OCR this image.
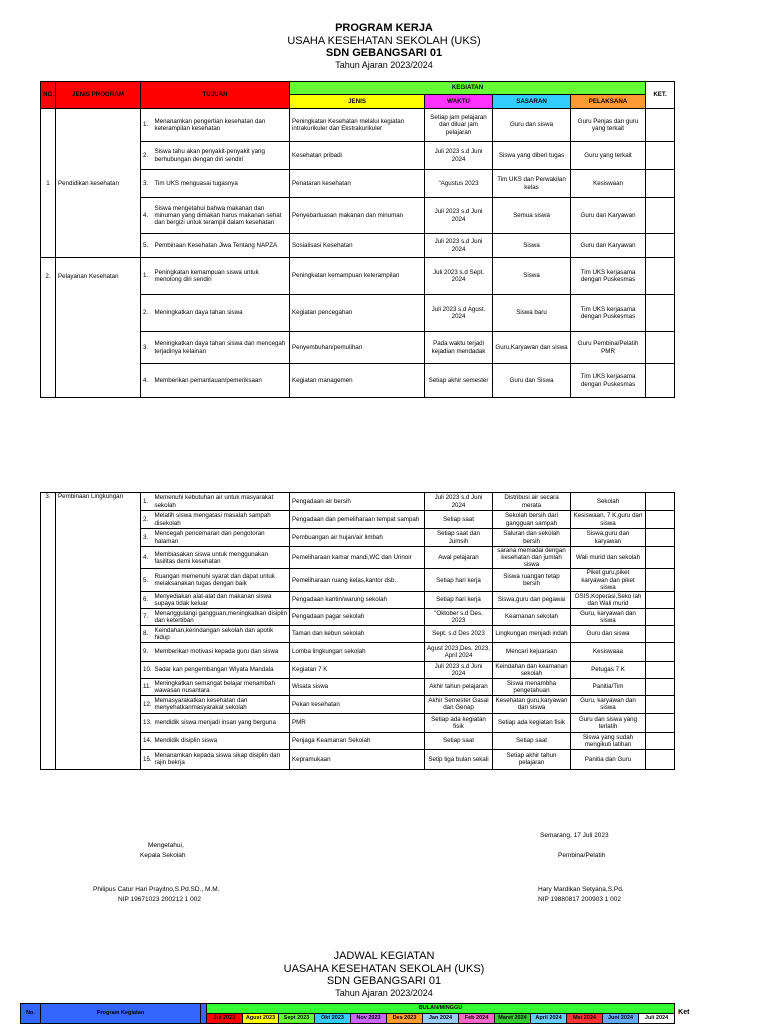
PROGRAM KERJA
USAHA KESEHATAN SEKOLAH (UKS)
SDN GEBANGSARI 01
Tahun Ajaran 2023/2024
NO.	JENIS PROGRAM	TUJUAN		KEGIATAN				KET.
				JENIS	WAKTU	SASARAN	PELAKSANA	
		1.	Menanamkan pengertian kesehatan dan keterampilan kesehatan	Peningkatan Kesehatan melalui kegiatan intrakurikuler dan Ekstrakurikuler	Setiap jam pelajaran dan diluar jam pelajaran	Guru dan siswa	Guru Penjas dan guru yang terkait	
		2.	Siswa tahu akan penyakit-penyakit yang berhubungan dengan diri sendiri	Kesehatan pribadi	Juli 2023 s.d Juni 2024	Siswa yang diberi tugas	Guru yang terkait	
1	Pendidikan kesehatan	3.	Tim UKS menguasai tugasnya	Penataran kesehatan	"Agustus 2023	Tim UKS dan Perwakilan kelas	Kesiswaan	
		4.	Siswa mengetahui bahwa makanan dan minuman yang dimakan harus makanan sehat dan bergizi untuk terampil dalam kesehatan	Penyebarluasan makanan dan minuman	Juli 2023 s.d Juni 2024	Semua siswa	Guru dan Karyawan	
		5.	Pembinaan Kesehatan Jiwa Tentang NAPZA	Sosialisasi Kesehatan	Juli 2023 s.d Juni 2024	Siswa	Guru dan Karyawan	
2.	Pelayanan Kesehatan	1.	Peningkatan kemampuan siswa untuk menolong diri sendiri	Peningkatan kemampuan keterampilan	Juli 2023 s.d Sept. 2024	Siswa	Tim UKS kerjasama dengan Puskesmas	
		2.	Meningkatkan daya tahan siswa	Kegiatan pencegahan	Juli 2023 s.d Agust. 2024	Siswa baru	Tim UKS kerjasama dengan Puskesmas	
		3.	Meningkatkan daya tahan siswa dan mencegah terjadinya kelainan	Penyembuhan/pemulihan	Pada waktu terjadi kejadian mendadak	Guru,Karyawan dan siswa	Guru Pembina/Pelatih PMR	
		4.	Memberikan pemantauan/pemeriksaan	Kegiatan managemen	Setiap akhir semester	Guru dan Siswa	Tim UKS kerjasama dengan Puskesmas	
3.	Pembinaan Lingkungan	1.	Memenuhi kebutuhan air untuk masyarakat sekolah	Pengadaan air bersih	Juli 2023 s.d Juni 2024	Distribusi air secara merata	Sekolah	
		2.	Melatih siswa mengatasi masalah sampah disekolah	Pengadaan dan pemeliharaan tempat sampah	Setiap saat	Sekolah bersih dari gangguan sampah	Kesiswaan, 7 K,guru dan siswa	
		3.	Mencegah pencemaran dan pengotoran halaman	Pembuangan air hujan/air limbah	Setiap saat dan Jumsih	Saluran dan sekolah bersih	Siswa,guru dan karyawan	
		4.	Membiasakan siswa untuk menggunakan fasilitas demi kesehatan	Pemeliharaan kamar mandi,WC dan Urinoir	Awal pelajaran	sarana memadai dengan kesehatan dan jumlah siswa	Wali murid dan sekolah	
		5.	Ruangan memenuhi syarat dan dapat untuk melaksanakan tugas dengan baik	Pemeliharaan ruang kelas,kantor dsb.	Setiap hari kerja	Siswa ruangan tetap bersih	Piket guru,piket karyawan dan piket siswa	
		6.	Menyediakan alat-alat dan makanan siswa supaya tidak keluar	Pengadaan kantin/warung sekolah	Setiap hari kerja	Siswa,guru dan pegawai	OSIS,Koperasi,Seko lah dan Wali murid	
		7.	Menanggulangi gangguan,meningkatkan disiplin dan ketertiban	Pengadaan pagar sekolah	"Oktober s.d Des. 2023	Keamanan sekolah	Guru, karyawan dan siswa	
		8.	Keindahan,kerindangan sekolah dan apotik hidup	Taman dan kebun sekolah	Sept. s.d Des 2023	Lingkungan menjadi indah	Guru dan siswa	
		9.	Memberikan motivasi kepada guru dan siswa	Lomba lingkungan sekolah	Agust 2023,Des. 2023, April 2024	Mencari kejuaraan	Kesiswaaa	
		10.	Sadar kan pengembangan Wiyata Mandala	Kegiatan 7 K	Juli 2023 s.d Juni 2024	Keindahan dan keamanan sekolah	Petugas 7 K	
		11.	Meningkatkan semangat belajar menambah wawasan nusantara	Wisata siswa	Akhir tahun pelajaran	Siswa menambha pengetahuan	Panitia/Tim	
		12.	Memasyarakatkan kesehatan dan menyehatkanmasyarakat sekolah	Pekan kesehatan	Akhir Semester Gasal dan Genap	Kesehatan guru,karyawan dan siswa	Guru, karyawan dan siswa	
		13.	mendidik siswa menjadi insan yang berguna	PMR	Setiap ada kegiatan fisik	Setiap ada kegiatan fisik	Guru dan siswa yang terlatih	
		14.	Mendidik disiplin siswa	Penjaga Keamanan Sekolah	Setiap saat	Setiap saat	Siswa yang sudah mengikuti latihan	
		15.	Menanamkan kepada siswa sikap disiplin dan rajin bekrja	Kepramukaan	Setip tiga bulan sekali	Setiap akhir tahun pelajaran	Panitia dan Guru	
Semarang, 17 Juli 2023
Mengetahui,
Kepala Sekolah	Pembina/Pelatih
Philipus Catur Hari Prayitno,S.Pd.SD., M.M.
NIP 19671023 200212 1 002
Hary Mardikan Setyana,S.Pd.
NIP 19880817 200903 1 002
JADWAL KEGIATAN
UASAHA KESEHATAN SEKOLAH (UKS)
SDN GEBANGSARI 01
Tahun Ajaran 2023/2024
No.	Program Kegiatan		BULAN/MINGGU													Ket
			Jul 2023	Agust 2023	Sept 2023	Okt 2023	Nov 2023	Des 2023	Jan 2024	Feb 2024	Maret 2024	April 2024	Mei 2024	Juni 2024	Juli 2024	
